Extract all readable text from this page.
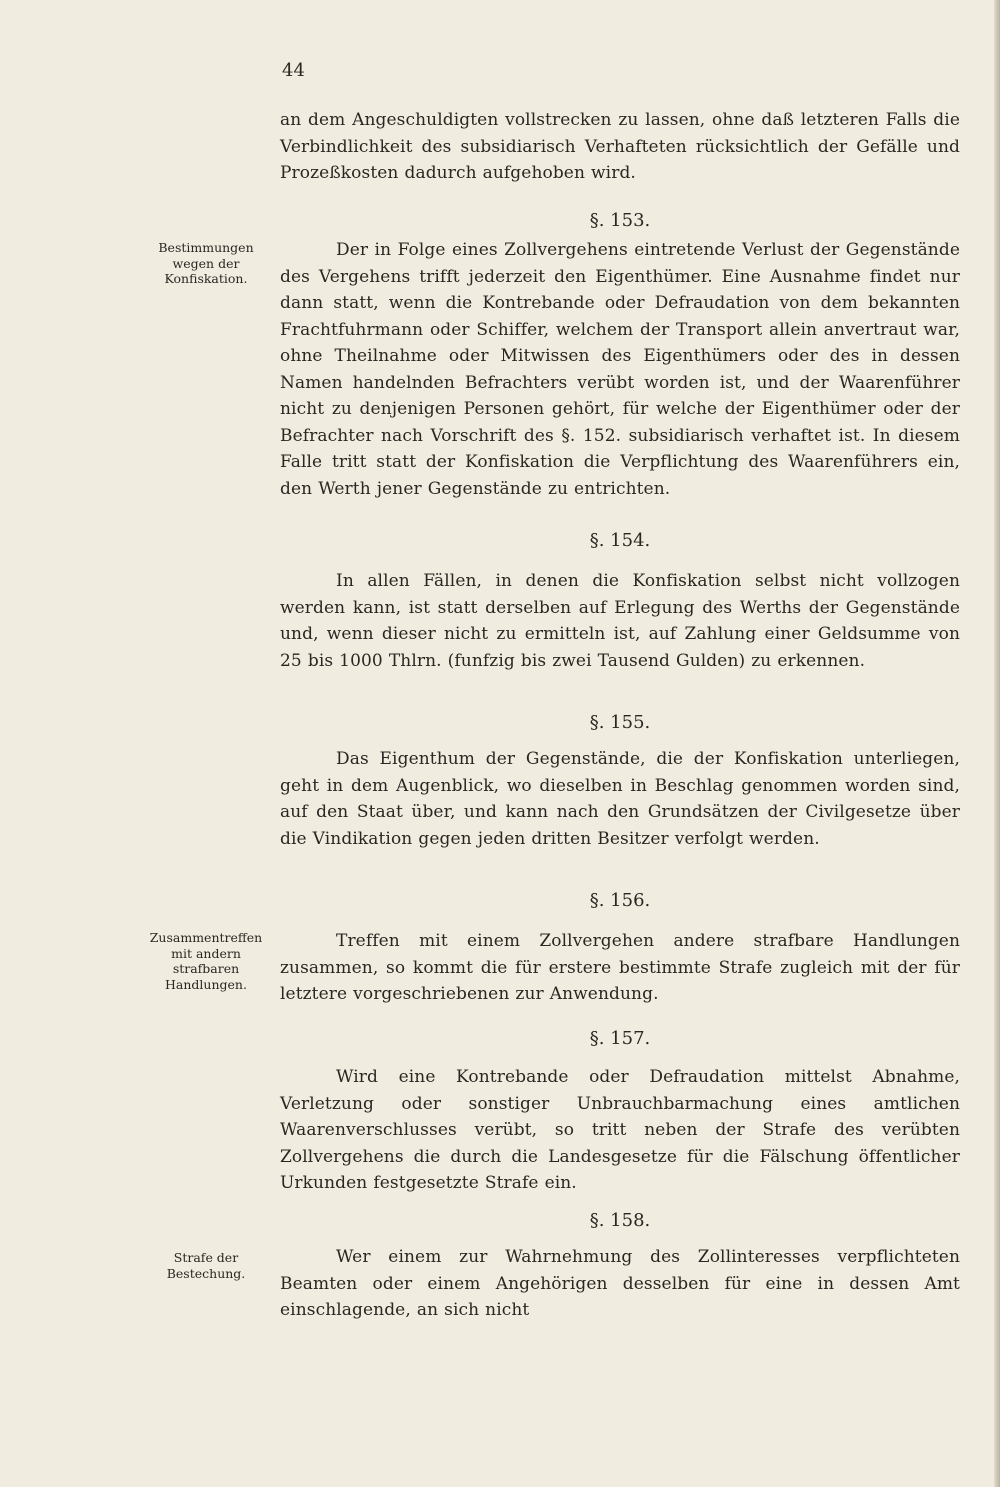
44

an dem Angeschuldigten vollstrecken zu lassen, ohne daß letzteren Falls die Verbindlichkeit des subsidiarisch Verhafteten rücksichtlich der Gefälle und Prozeßkosten dadurch aufgehoben wird.

§. 153.
Bestimmungen wegen der Konfiskation.

Der in Folge eines Zollvergehens eintretende Verlust der Gegenstände des Vergehens trifft jederzeit den Eigenthümer. Eine Ausnahme findet nur dann statt, wenn die Kontrebande oder Defraudation von dem bekannten Frachtfuhrmann oder Schiffer, welchem der Transport allein anvertraut war, ohne Theilnahme oder Mitwissen des Eigenthümers oder des in dessen Namen handelnden Befrachters verübt worden ist, und der Waarenführer nicht zu denjenigen Personen gehört, für welche der Eigenthümer oder der Befrachter nach Vorschrift des §. 152. subsidiarisch verhaftet ist. In diesem Falle tritt statt der Konfiskation die Verpflichtung des Waarenführers ein, den Werth jener Gegenstände zu entrichten.

§. 154.

In allen Fällen, in denen die Konfiskation selbst nicht vollzogen werden kann, ist statt derselben auf Erlegung des Werths der Gegenstände und, wenn dieser nicht zu ermitteln ist, auf Zahlung einer Geldsumme von 25 bis 1000 Thlrn. (funfzig bis zwei Tausend Gulden) zu erkennen.

§. 155.

Das Eigenthum der Gegenstände, die der Konfiskation unterliegen, geht in dem Augenblick, wo dieselben in Beschlag genommen worden sind, auf den Staat über, und kann nach den Grundsätzen der Civilgesetze über die Vindikation gegen jeden dritten Besitzer verfolgt werden.

§. 156.
Zusammentreffen mit andern strafbaren Handlungen.

Treffen mit einem Zollvergehen andere strafbare Handlungen zusammen, so kommt die für erstere bestimmte Strafe zugleich mit der für letztere vorgeschriebenen zur Anwendung.

§. 157.

Wird eine Kontrebande oder Defraudation mittelst Abnahme, Verletzung oder sonstiger Unbrauchbarmachung eines amtlichen Waarenverschlusses verübt, so tritt neben der Strafe des verübten Zollvergehens die durch die Landesgesetze für die Fälschung öffentlicher Urkunden festgesetzte Strafe ein.

§. 158.
Strafe der Bestechung.

Wer einem zur Wahrnehmung des Zollinteresses verpflichteten Beamten oder einem Angehörigen desselben für eine in dessen Amt einschlagende, an sich nicht
